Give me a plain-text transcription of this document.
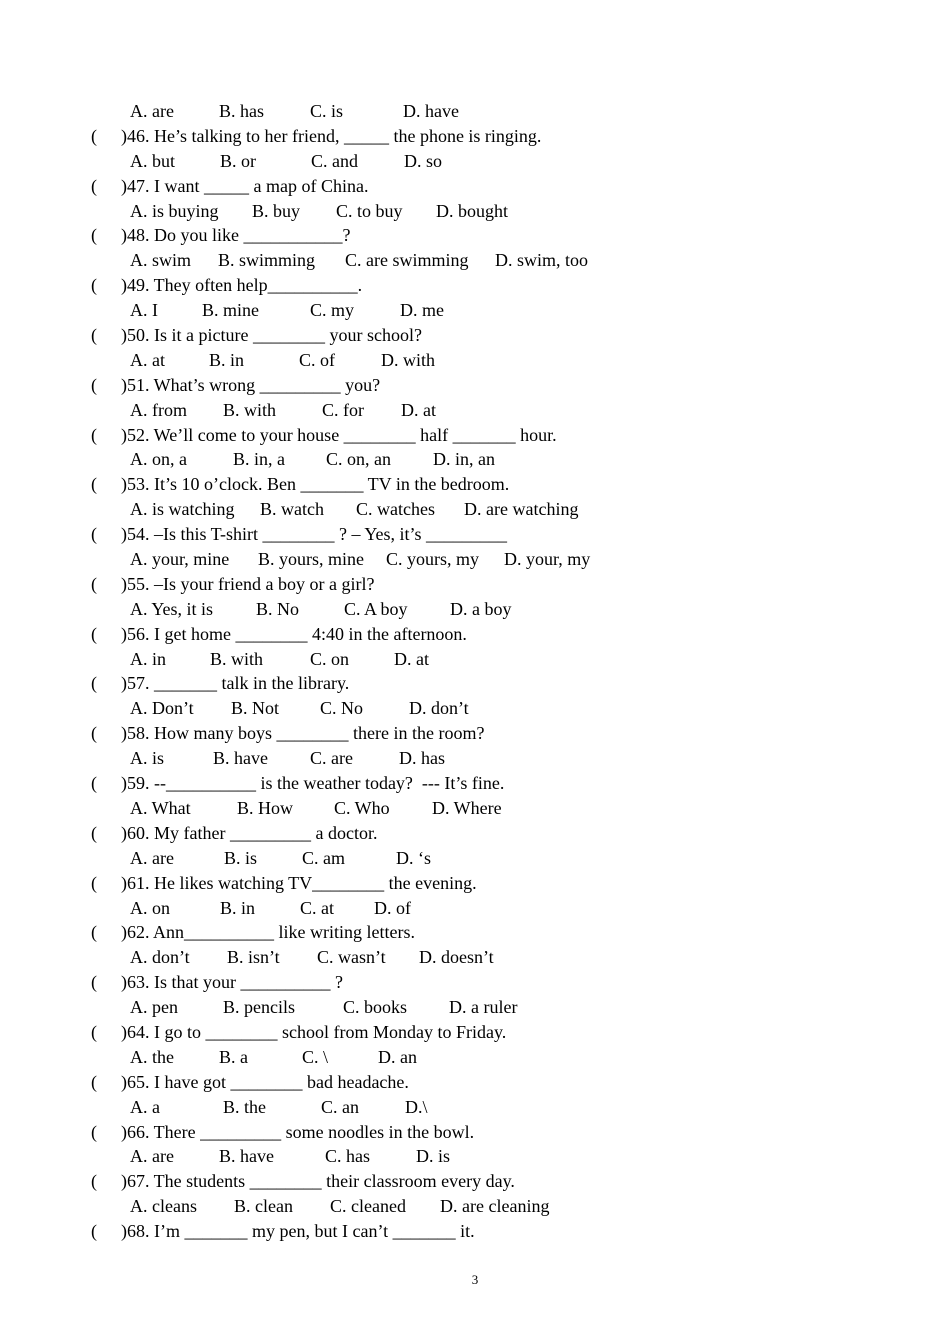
A. are	B. has	C. is	D. have
( ) 46. He’s talking to her friend, _____ the phone is ringing.
A. but	B. or	C. and	D. so
( ) 47. I want _____ a map of China.
A. is buying B. buy C. to buy D. bought
( ) 48. Do you like ___________?
A. swim B. swimming C. are swimming D. swim, too
( ) 49. They often help__________.
A. I B. mine	C. my	D. me
( ) 50. Is it a picture ________ your school?
A. at B. in	C. of	D. with
( ) 51. What’s wrong _________ you?
A. from B. with	C. for D. at
( ) 52. We’ll come to your house ________ half _______ hour.
A. on, a	B. in, a C. on, an D. in, an
( ) 53. It’s 10 o’clock. Ben _______ TV in the bedroom.
A. is watching B. watch C. watches D. are watching
( ) 54. –Is this T-shirt ________ ? – Yes, it’s _________
A. your, mine B. yours, mine C. yours, my D. your, my
( ) 55. –Is your friend a boy or a girl?
A. Yes, it is B. No C. A boy D. a boy
( ) 56. I get home ________ 4:40 in the afternoon.
A. in B. with	C. on D. at
( ) 57. _______ talk in the library.
A. Don’t B. Not C. No	D. don’t
( ) 58. How many boys ________ there in the room?
A. is	B. have C. are	D. has
( ) 59. --__________ is the weather today?  --- It’s fine.
A. What	B. How C. Who D. Where
( ) 60. My father _________ a doctor.
A. are	B. is C. am	D. ‘s
( ) 61. He likes watching TV________ the evening.
A. on	B. in C. at D. of
( ) 62. Ann__________ like writing letters.
A. don’t B. isn’t C. wasn’t D. doesn’t
( ) 63. Is that your __________ ?
A. pen	B. pencils	C. books D. a ruler
( ) 64. I go to ________ school from Monday to Friday.
A. the	B. a	C. \	D. an
( ) 65. I have got ________ bad headache.
A. a	B. the	C. an	D.\
( ) 66. There _________ some noodles in the bowl.
A. are	B. have	C. has	D. is
( ) 67. The students ________ their classroom every day.
A. cleans B. clean C. cleaned D. are cleaning
( ) 68. I’m _______ my pen, but I can’t _______ it.
3
